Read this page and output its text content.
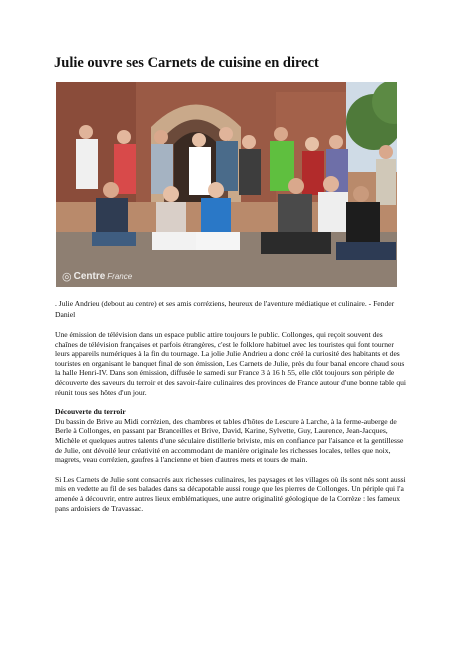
Julie ouvre ses Carnets de cuisine en direct
◎ Centre France

. Julie Andrieu (debout au centre) et ses amis corréziens, heureux de l'aventure médiatique et culinaire. - Fender Daniel

Une émission de télévision dans un espace public attire toujours le public. Collonges, qui reçoit souvent des chaînes de télévision françaises et parfois étrangères, c'est le folklore habituel avec les touristes qui font tourner leurs appareils numériques à la fin du tournage. La jolie Julie Andrieu a donc créé la curiosité des habitants et des touristes en organisant le banquet final de son émission, Les Carnets de Julie, près du four banal encore chaud sous la halle Henri-IV. Dans son émission, diffusée le samedi sur France 3 à 16 h 55, elle clôt toujours son périple de découverte des saveurs du terroir et des savoir-faire culinaires des provinces de France autour d'une bonne table qui réunit tous ses hôtes d'un jour.

Découverte du terroir

Du bassin de Brive au Midi corrézien, des chambres et tables d'hôtes de Lescure à Larche, à la ferme-auberge de Berle à Collonges, en passant par Branceilles et Brive, David, Karine, Sylvette, Guy, Laurence, Jean-Jacques, Michèle et quelques autres talents d'une séculaire distillerie briviste, mis en confiance par l'aisance et la gentillesse de Julie, ont dévoilé leur créativité en accommodant de manière originale les richesses locales, telles que noix, magrets, veau corrézien, gaufres à l'ancienne et bien d'autres mets et tours de main.

Si Les Carnets de Julie sont consacrés aux richesses culinaires, les paysages et les villages où ils sont nés sont aussi mis en vedette au fil de ses balades dans sa décapotable aussi rouge que les pierres de Collonges. Un périple qui l'a amenée à découvrir, entre autres lieux emblématiques, une autre originalité géologique de la Corrèze : les fameux pans ardoisiers de Travassac.
